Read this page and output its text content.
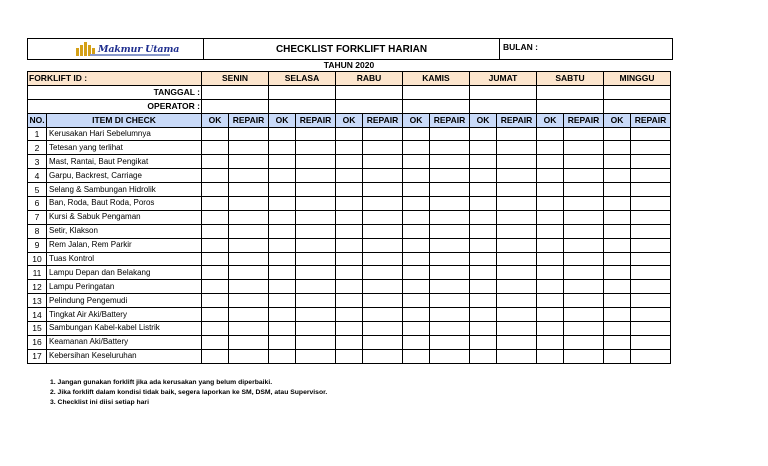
Makmur Utama	CHECKLIST FORKLIFT HARIAN	BULAN :
TAHUN 2020
FORKLIFT ID :		SENIN		SELASA		RABU		KAMIS		JUMAT		SABTU		MINGGU	
TANGGAL :															
OPERATOR :															
NO.	ITEM DI CHECK	OK	REPAIR	OK	REPAIR	OK	REPAIR	OK	REPAIR	OK	REPAIR	OK	REPAIR	OK	REPAIR
1	Kerusakan Hari Sebelumnya														
2	Tetesan yang terlihat														
3	Mast, Rantai, Baut Pengikat														
4	Garpu, Backrest, Carriage														
5	Selang & Sambungan Hidrolik														
6	Ban, Roda, Baut Roda, Poros														
7	Kursi & Sabuk Pengaman														
8	Setir, Klakson														
9	Rem Jalan, Rem Parkir														
10	Tuas Kontrol														
11	Lampu Depan dan Belakang														
12	Lampu Peringatan														
13	Pelindung Pengemudi														
14	Tingkat Air Aki/Battery														
15	Sambungan Kabel-kabel Listrik														
16	Keamanan Aki/Battery														
17	Kebersihan Keseluruhan														
1. Jangan gunakan forklift jika ada kerusakan yang belum diperbaiki.
2. Jika forklift dalam kondisi tidak baik, segera laporkan ke SM, DSM, atau Supervisor.
3. Checklist ini diisi setiap hari
